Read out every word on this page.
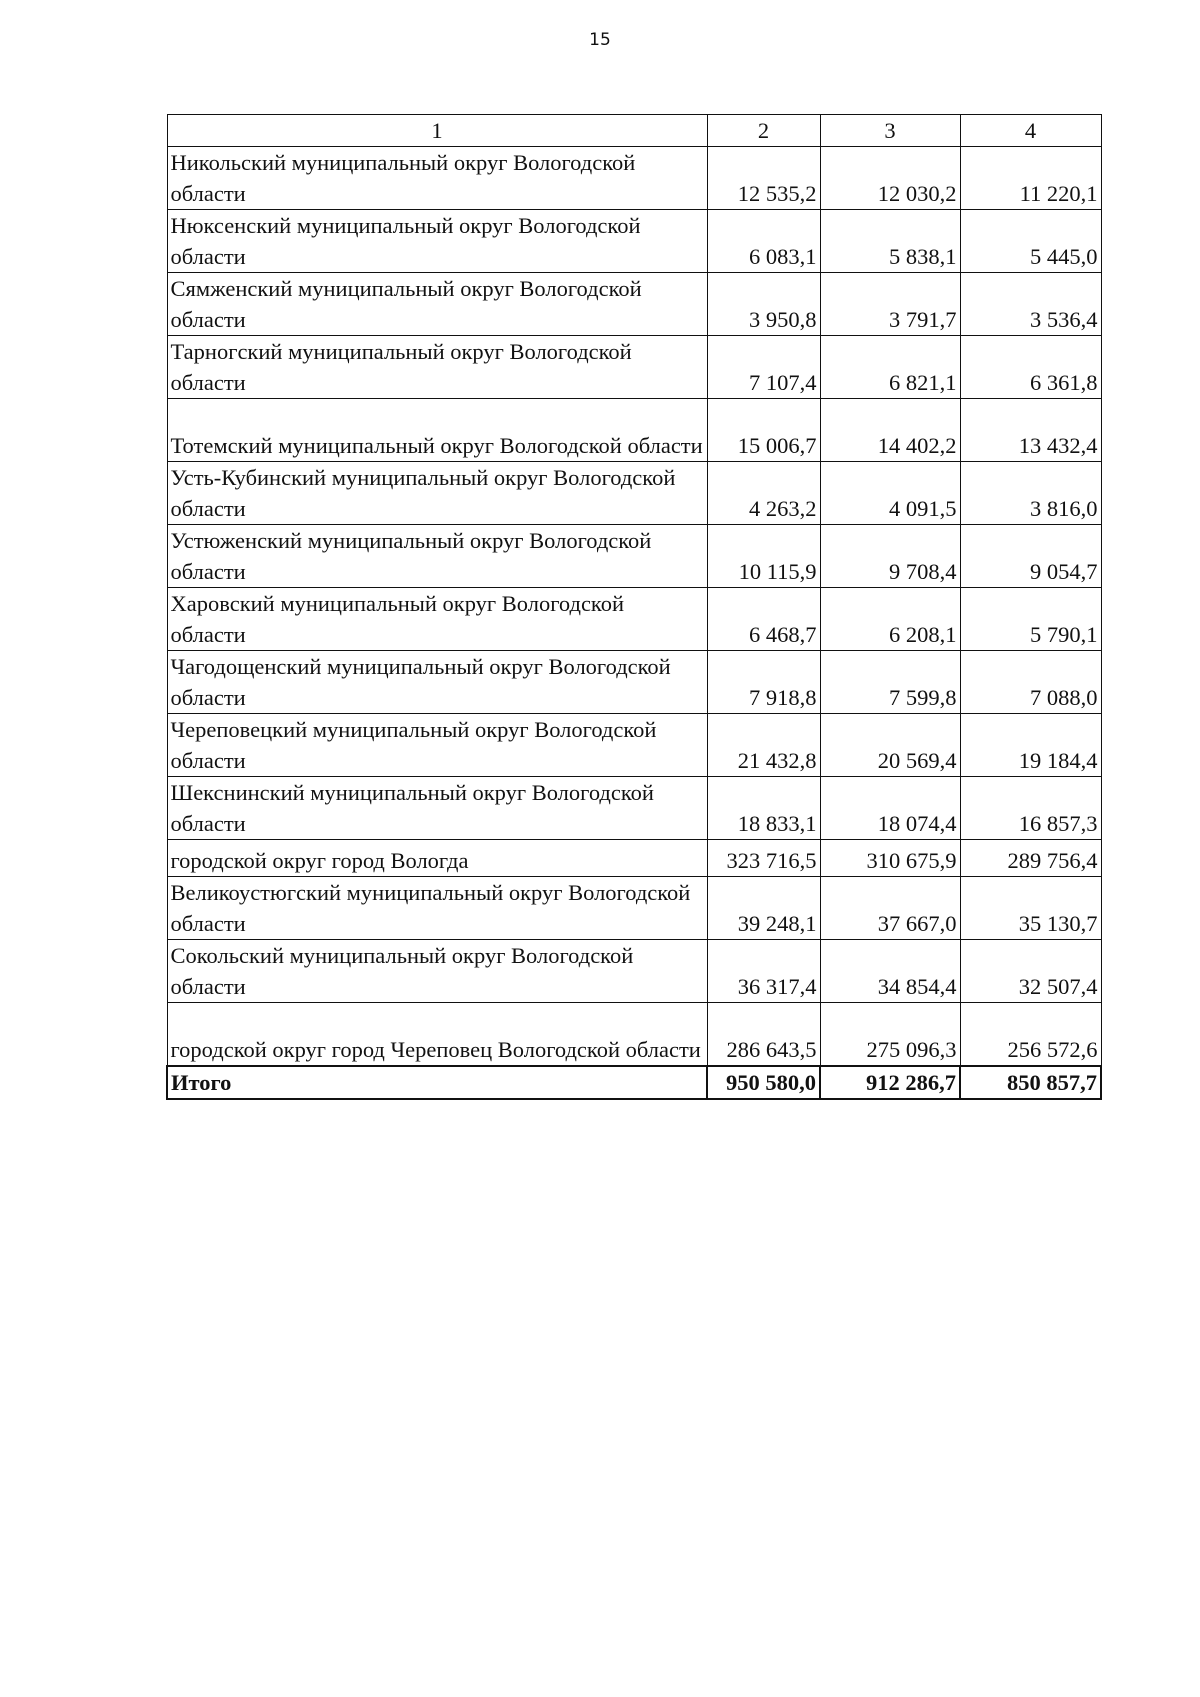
15
1	2	3	4
Никольский муниципальный округ Вологодской области	12 535,2	12 030,2	11 220,1
Нюксенский муниципальный округ Вологодской области	6 083,1	5 838,1	5 445,0
Сямженский муниципальный округ Вологодской области	3 950,8	3 791,7	3 536,4
Тарногский муниципальный округ Вологодской области	7 107,4	6 821,1	6 361,8
Тотемский муниципальный округ Вологодской области	15 006,7	14 402,2	13 432,4
Усть-Кубинский муниципальный округ Вологодской области	4 263,2	4 091,5	3 816,0
Устюженский муниципальный округ Вологодской области	10 115,9	9 708,4	9 054,7
Харовский муниципальный округ Вологодской области	6 468,7	6 208,1	5 790,1
Чагодощенский муниципальный округ Вологодской области	7 918,8	7 599,8	7 088,0
Череповецкий муниципальный округ Вологодской области	21 432,8	20 569,4	19 184,4
Шекснинский муниципальный округ Вологодской области	18 833,1	18 074,4	16 857,3
городской округ город Вологда	323 716,5	310 675,9	289 756,4
Великоустюгский муниципальный округ Вологодской области	39 248,1	37 667,0	35 130,7
Сокольский муниципальный округ Вологодской области	36 317,4	34 854,4	32 507,4
городской округ город Череповец Вологодской области	286 643,5	275 096,3	256 572,6
Итого	950 580,0	912 286,7	850 857,7
